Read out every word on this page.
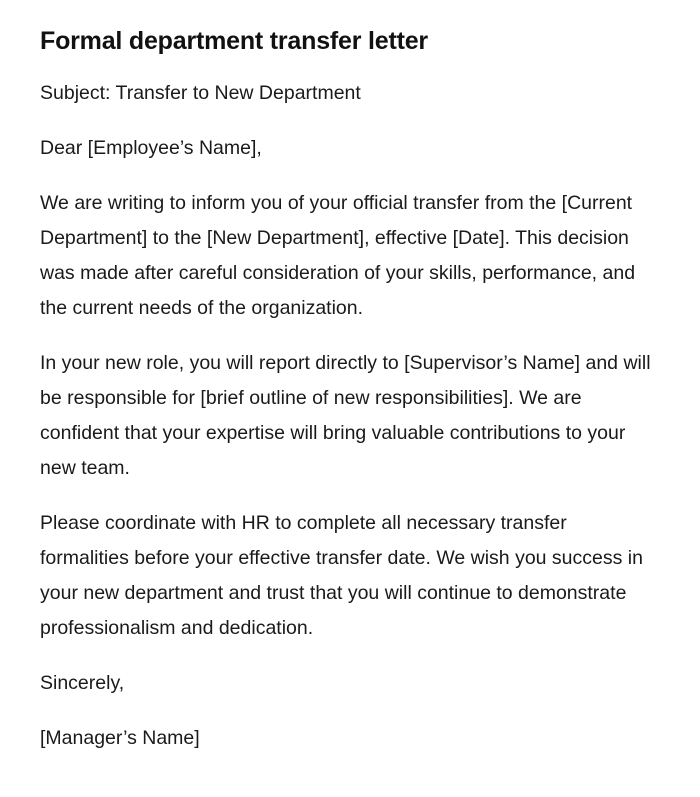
Formal department transfer letter

Subject: Transfer to New Department

Dear [Employee’s Name],

We are writing to inform you of your official transfer from the [Current Department] to the [New Department], effective [Date]. This decision was made after careful consideration of your skills, performance, and the current needs of the organization.

In your new role, you will report directly to [Supervisor’s Name] and will be responsible for [brief outline of new responsibilities]. We are confident that your expertise will bring valuable contributions to your new team.

Please coordinate with HR to complete all necessary transfer formalities before your effective transfer date. We wish you success in your new department and trust that you will continue to demonstrate professionalism and dedication.

Sincerely,

[Manager’s Name]
